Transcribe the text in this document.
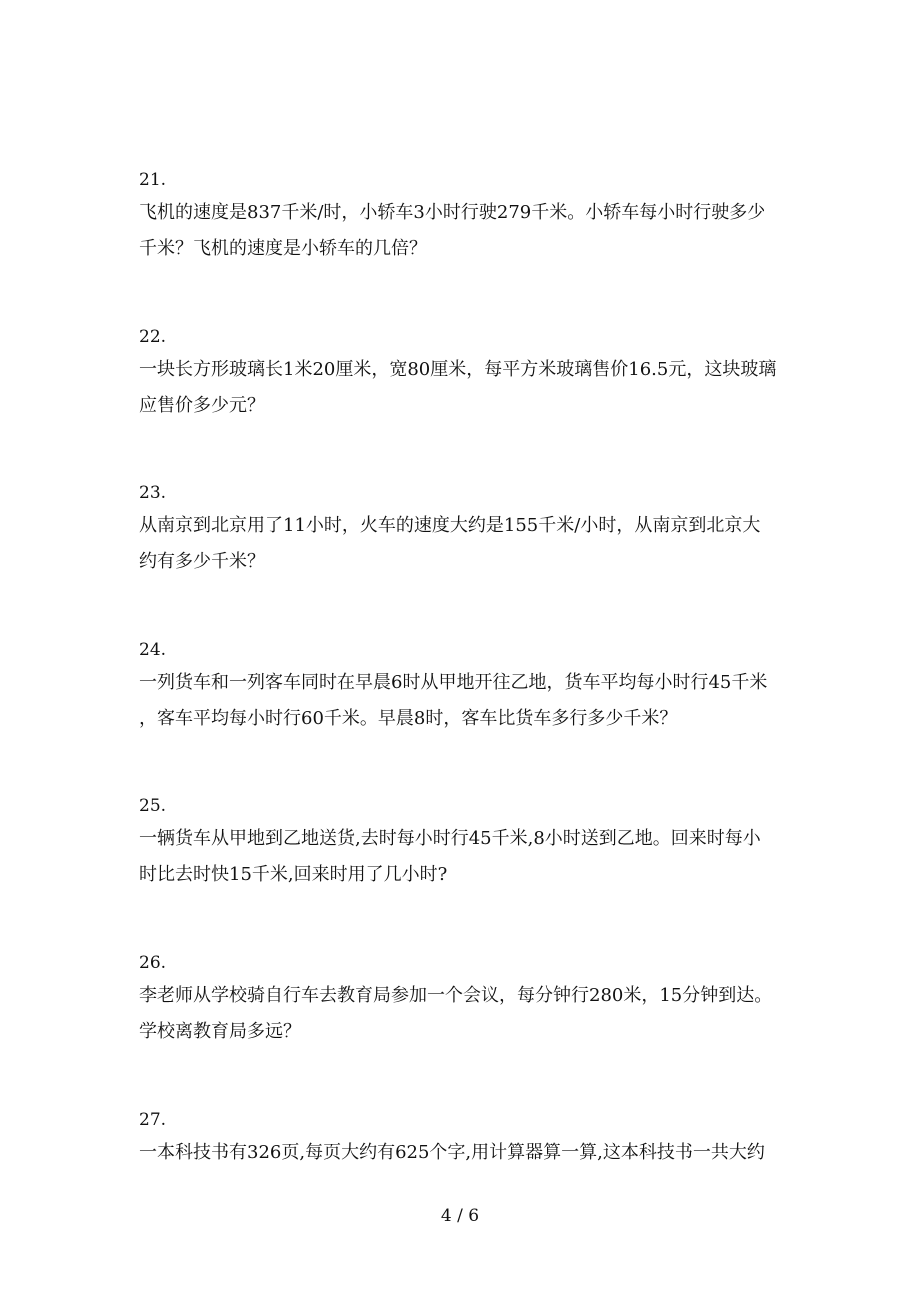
21.
飞机的速度是837千米/时，小轿车3小时行驶279千米。小轿车每小时行驶多少
千米？飞机的速度是小轿车的几倍？
22.
一块长方形玻璃长1米20厘米，宽80厘米，每平方米玻璃售价16.5元，这块玻璃
应售价多少元？
23.
从南京到北京用了11小时，火车的速度大约是155千米/小时，从南京到北京大
约有多少千米？
24.
一列货车和一列客车同时在早晨6时从甲地开往乙地，货车平均每小时行45千米
，客车平均每小时行60千米。早晨8时，客车比货车多行多少千米？
25.
一辆货车从甲地到乙地送货,去时每小时行45千米,8小时送到乙地。回来时每小
时比去时快15千米,回来时用了几小时?
26.
李老师从学校骑自行车去教育局参加一个会议，每分钟行280米，15分钟到达。
学校离教育局多远？
27.
一本科技书有326页,每页大约有625个字,用计算器算一算,这本科技书一共大约
4 / 6
